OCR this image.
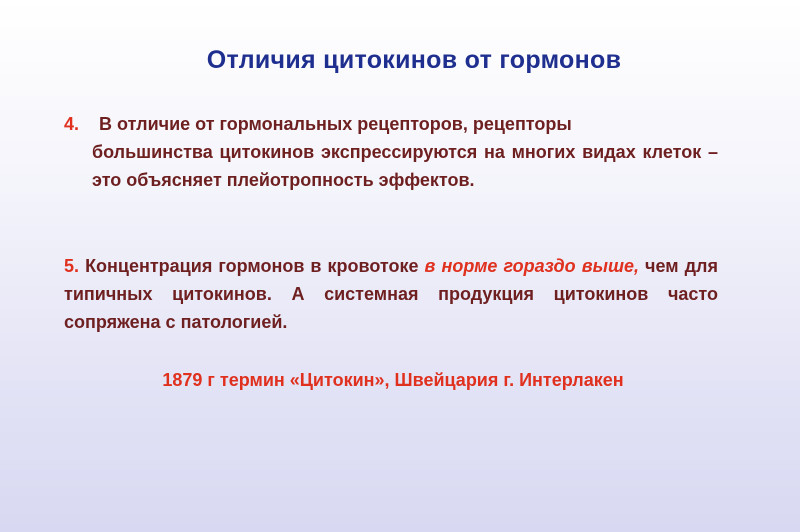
Отличия цитокинов от гормонов
4. В отличие от гормональных рецепторов, рецепторы
большинства цитокинов экспрессируются на многих видах клеток – это объясняет плейотропность эффектов.
5. Концентрация гормонов в кровотоке в норме гораздо выше, чем для типичных цитокинов. А системная продукция цитокинов часто сопряжена с патологией.
1879 г термин «Цитокин», Швейцария г. Интерлакен
